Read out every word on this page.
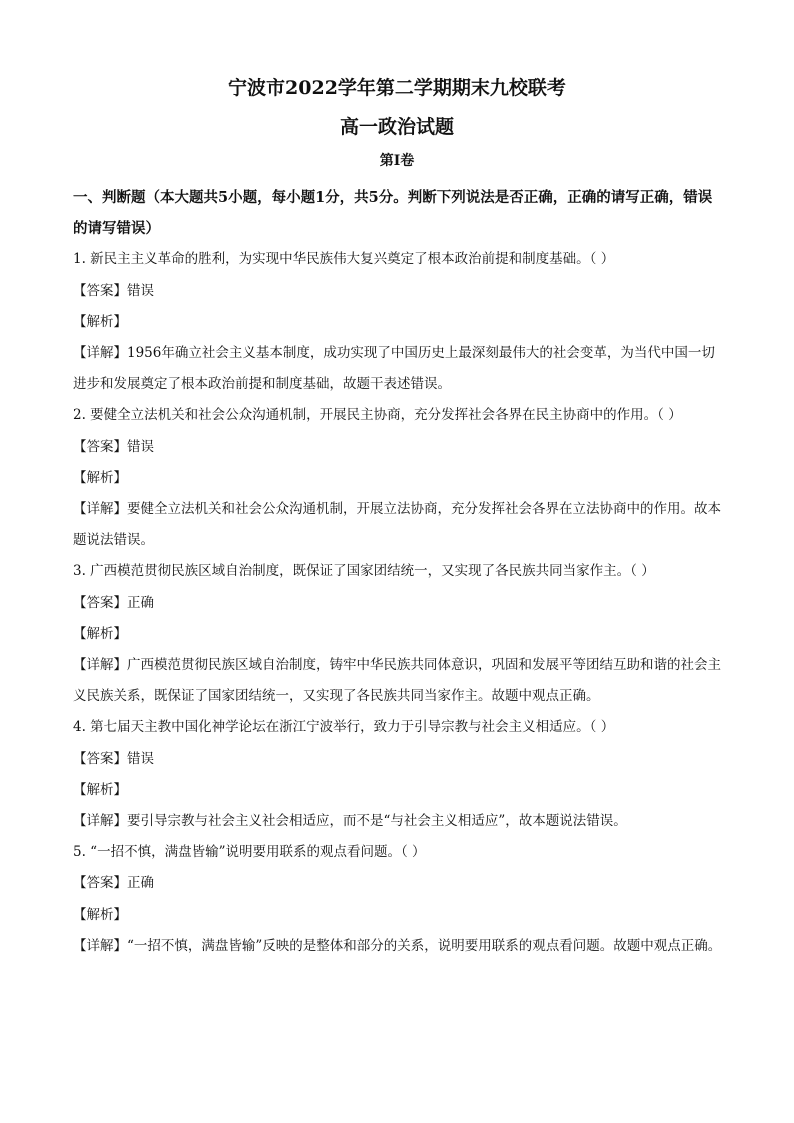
宁波市2022学年第二学期期末九校联考
高一政治试题
第Ⅰ卷

一、判断题（本大题共5小题，每小题1分，共5分。判断下列说法是否正确，正确的请写正确，错误的请写错误）

1. 新民主主义革命的胜利，为实现中华民族伟大复兴奠定了根本政治前提和制度基础。（ ）

【答案】错误

【解析】

【详解】1956年确立社会主义基本制度，成功实现了中国历史上最深刻最伟大的社会变革，为当代中国一切进步和发展奠定了根本政治前提和制度基础，故题干表述错误。

2. 要健全立法机关和社会公众沟通机制，开展民主协商，充分发挥社会各界在民主协商中的作用。（ ）

【答案】错误

【解析】

【详解】要健全立法机关和社会公众沟通机制，开展立法协商，充分发挥社会各界在立法协商中的作用。故本题说法错误。

3. 广西模范贯彻民族区域自治制度，既保证了国家团结统一，又实现了各民族共同当家作主。（ ）

【答案】正确

【解析】

【详解】广西模范贯彻民族区域自治制度，铸牢中华民族共同体意识，巩固和发展平等团结互助和谐的社会主义民族关系，既保证了国家团结统一，又实现了各民族共同当家作主。故题中观点正确。

4. 第七届天主教中国化神学论坛在浙江宁波举行，致力于引导宗教与社会主义相适应。（ ）

【答案】错误

【解析】

【详解】要引导宗教与社会主义社会相适应，而不是“与社会主义相适应”，故本题说法错误。

5. “一招不慎，满盘皆输”说明要用联系的观点看问题。（ ）

【答案】正确

【解析】

【详解】“一招不慎，满盘皆输”反映的是整体和部分的关系，说明要用联系的观点看问题。故题中观点正确。
